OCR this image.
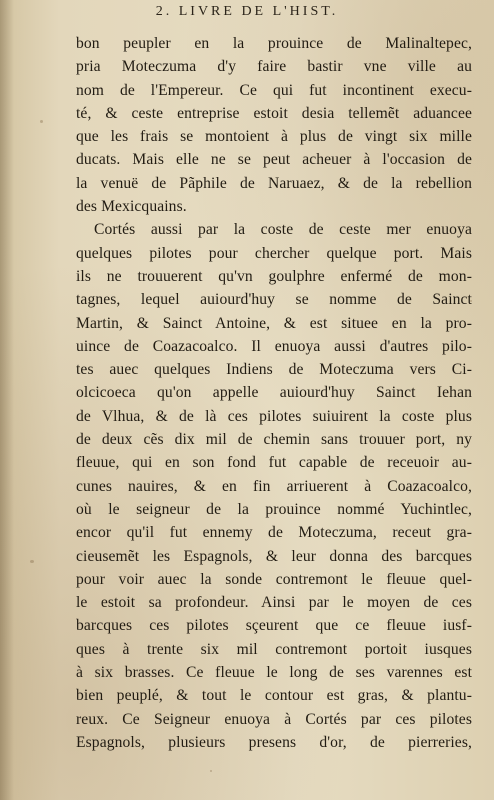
2. LIVRE DE L'HIST.
bon peupler en la prouince de Malinaltepec,
pria Moteczuma d'y faire bastir vne ville au
nom de l'Empereur. Ce qui fut incontinent execu-
té, & ceste entreprise estoit desia tellemẽt aduancee
que les frais se montoient à plus de vingt six mille
ducats. Mais elle ne se peut acheuer à l'occasion de
la venuë de Pãphile de Naruaez, & de la rebellion
des Mexicquains.
Cortés aussi par la coste de ceste mer enuoya
quelques pilotes pour chercher quelque port. Mais
ils ne trouuerent qu'vn goulphre enfermé de mon-
tagnes, lequel auiourd'huy se nomme de Sainct
Martin, & Sainct Antoine, & est situee en la pro-
uince de Coazacoalco. Il enuoya aussi d'autres pilo-
tes auec quelques Indiens de Moteczuma vers Ci-
olcicoeca qu'on appelle auiourd'huy Sainct Iehan
de Vlhua, & de là ces pilotes suiuirent la coste plus
de deux cẽs dix mil de chemin sans trouuer port, ny
fleuue, qui en son fond fut capable de receuoir au-
cunes nauires, & en fin arriuerent à Coazacoalco,
où le seigneur de la prouince nommé Yuchintlec,
encor qu'il fut ennemy de Moteczuma, receut gra-
cieusemẽt les Espagnols, & leur donna des barcques
pour voir auec la sonde contremont le fleuue quel-
le estoit sa profondeur. Ainsi par le moyen de ces
barcques ces pilotes sçeurent que ce fleuue iusf-
ques à trente six mil contremont portoit iusques
à six brasses. Ce fleuue le long de ses varennes est
bien peuplé, & tout le contour est gras, & plantu-
reux. Ce Seigneur enuoya à Cortés par ces pilotes
Espagnols, plusieurs presens d'or, de pierreries,
